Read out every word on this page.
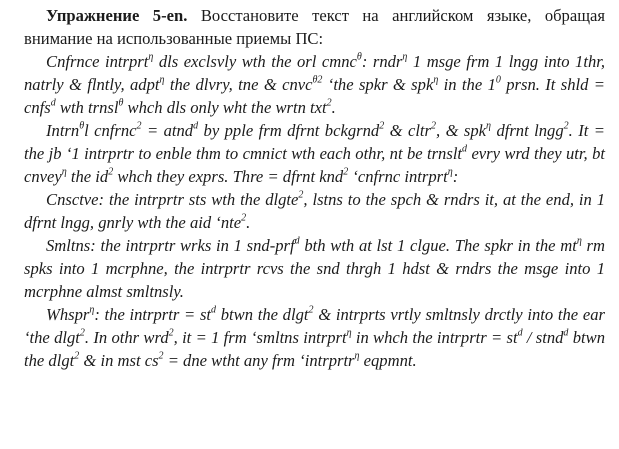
Упражнение 5-en. Восстановите текст на английском языке, обращая внимание на использованные приемы ПС:

Cnfrnce intrprt$^\eta$ dls exclsvly wth the orl cmnc$^\theta$: rndr$^\eta$ 1 msge frm 1 lngg into 1thr, natrly & flntly, adpt$^\eta$ the dlvry, tne & cnvc$^{\theta 2}$ ‘the spkr & spk$^\eta$ in the $1^0$ prsn. It shld = cnfs$^d$ wth trnsl$^\theta$ whch dls only wht the wrtn txt$^2$.

Intrn$^\theta$l cnfrnc$^2$ = atnd$^d$ by pple frm dfrnt bckgrnd$^2$ & cltr$^2$, & spk$^\eta$ dfrnt lngg$^2$. It = the jb ‘1 intrprtr to enble thm to cmnict wth each othr, nt be trnslt$^d$ evry wrd they utr, bt cnvey$^\eta$ the $id^2$ whch they exprs. Thre = dfrnt knd$^2$ ‘cnfrnc intrprt$^\eta$:

Cnsctve: the intrprtr sts wth the dlgte$^2$, lstns to the spch & rndrs it, at the end, in 1 dfrnt lngg, gnrly wth the aid ‘nte$^2$.

Smltns: the intrprtr wrks in 1 snd-prf$^d$ bth wth at lst 1 clgue. The spkr in the $mt^\eta$ rm spks into 1 mcrphne, the intrprtr rcvs the snd thrgh 1 hdst & rndrs the msge into 1 mcrphne almst smltnsly.

Whspr$^\eta$: the intrprtr = $st^d$ btwn the dlgt$^2$ & intrprts vrtly smltnsly drctly into the ear ‘the dlgt$^2$. In othr wrd$^2$, it = 1 frm ‘smltns intrprt$^\eta$ in whch the intrprtr = $st^d$ / stnd$^d$ btwn the dlgt$^2$ & in mst $cs^2$ = dne wtht any frm ‘intrprtr$^\eta$ eqpmnt.
